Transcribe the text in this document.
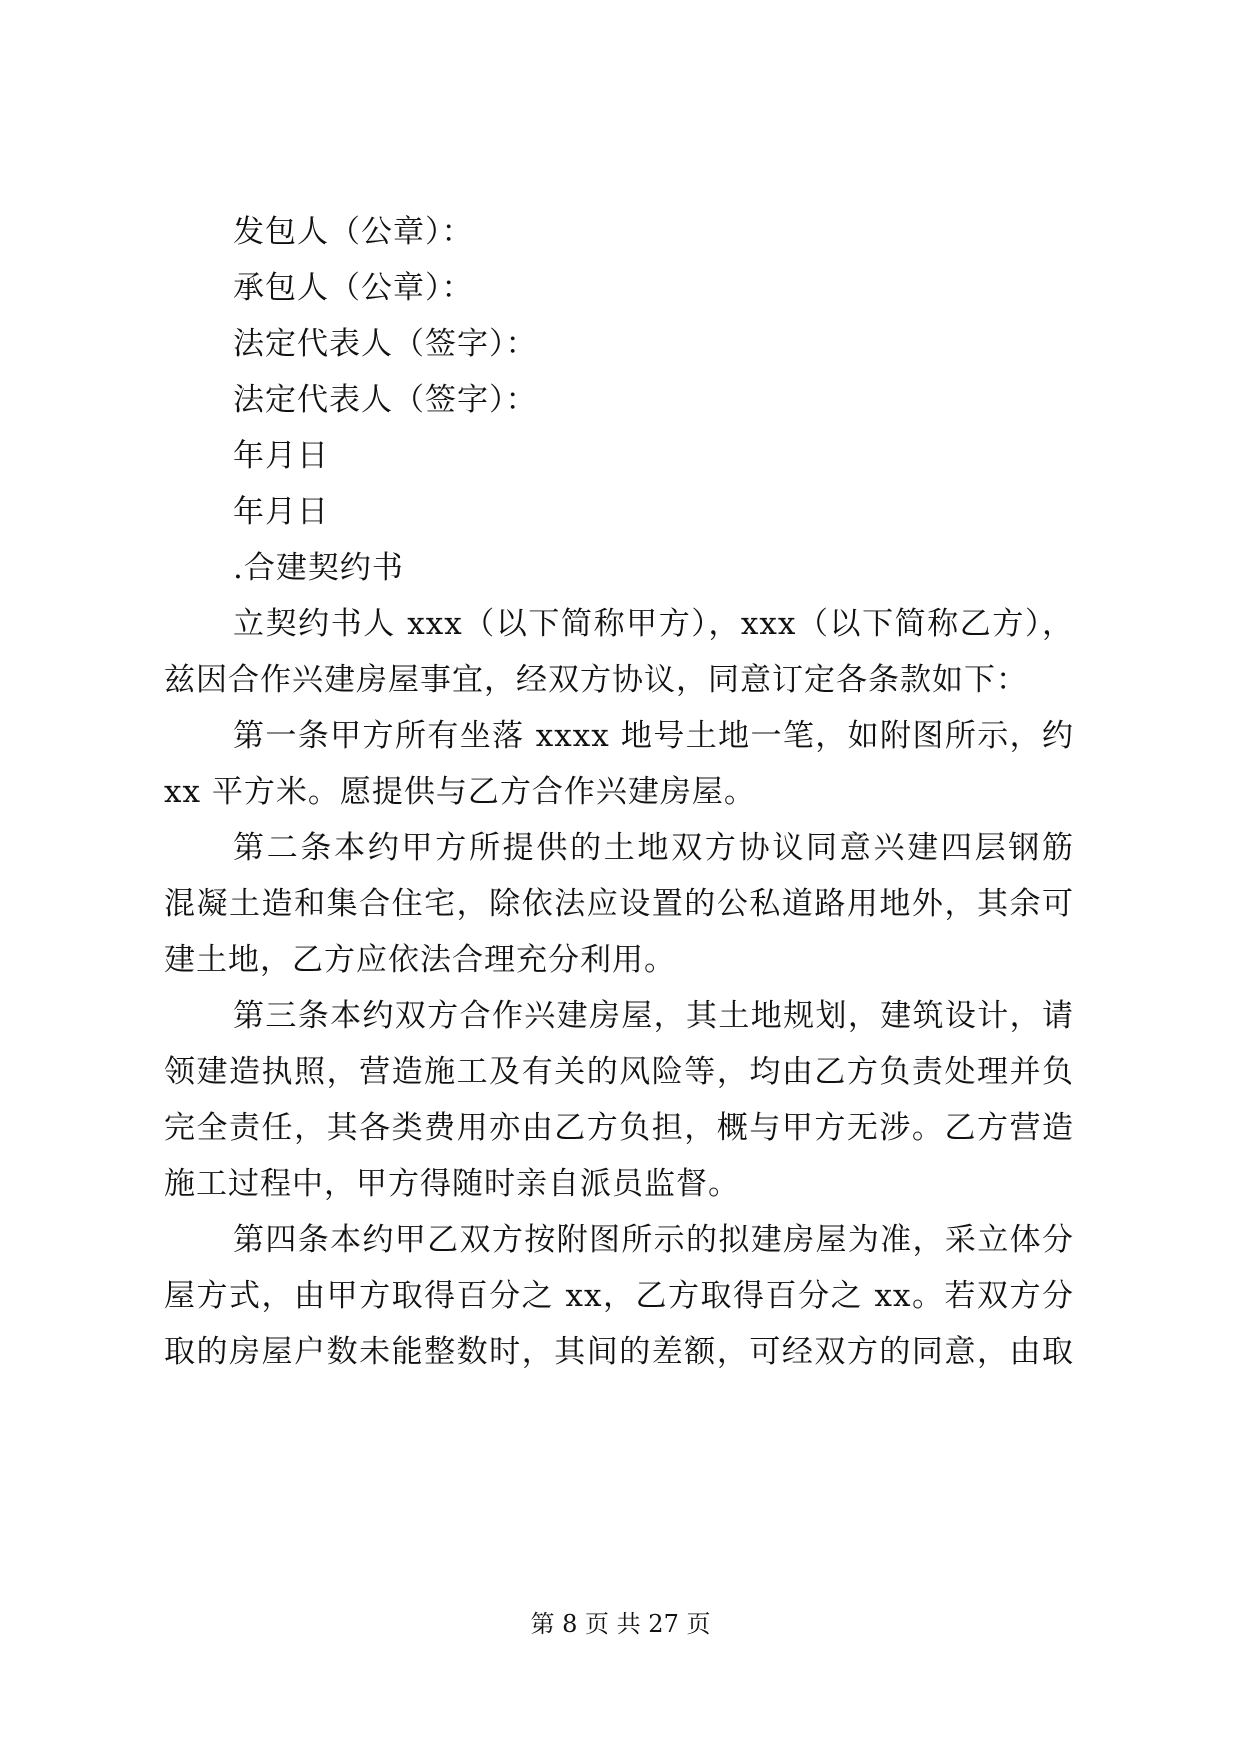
发包人（公章）：
承包人（公章）：
法定代表人（签字）：
法定代表人（签字）：
年月日
年月日
.合建契约书
立契约书人 xxx（以下简称甲方），xxx（以下简称乙方），
兹因合作兴建房屋事宜，经双方协议，同意订定各条款如下：
第一条甲方所有坐落 xxxx 地号土地一笔，如附图所示，约
xx 平方米。愿提供与乙方合作兴建房屋。
第二条本约甲方所提供的土地双方协议同意兴建四层钢筋
混凝土造和集合住宅，除依法应设置的公私道路用地外，其余可
建土地，乙方应依法合理充分利用。
第三条本约双方合作兴建房屋，其土地规划，建筑设计，请
领建造执照，营造施工及有关的风险等，均由乙方负责处理并负
完全责任，其各类费用亦由乙方负担，概与甲方无涉。乙方营造
施工过程中，甲方得随时亲自派员监督。
第四条本约甲乙双方按附图所示的拟建房屋为准，采立体分
屋方式，由甲方取得百分之 xx，乙方取得百分之 xx。若双方分
取的房屋户数未能整数时，其间的差额，可经双方的同意，由取
第 8 页 共 27 页
